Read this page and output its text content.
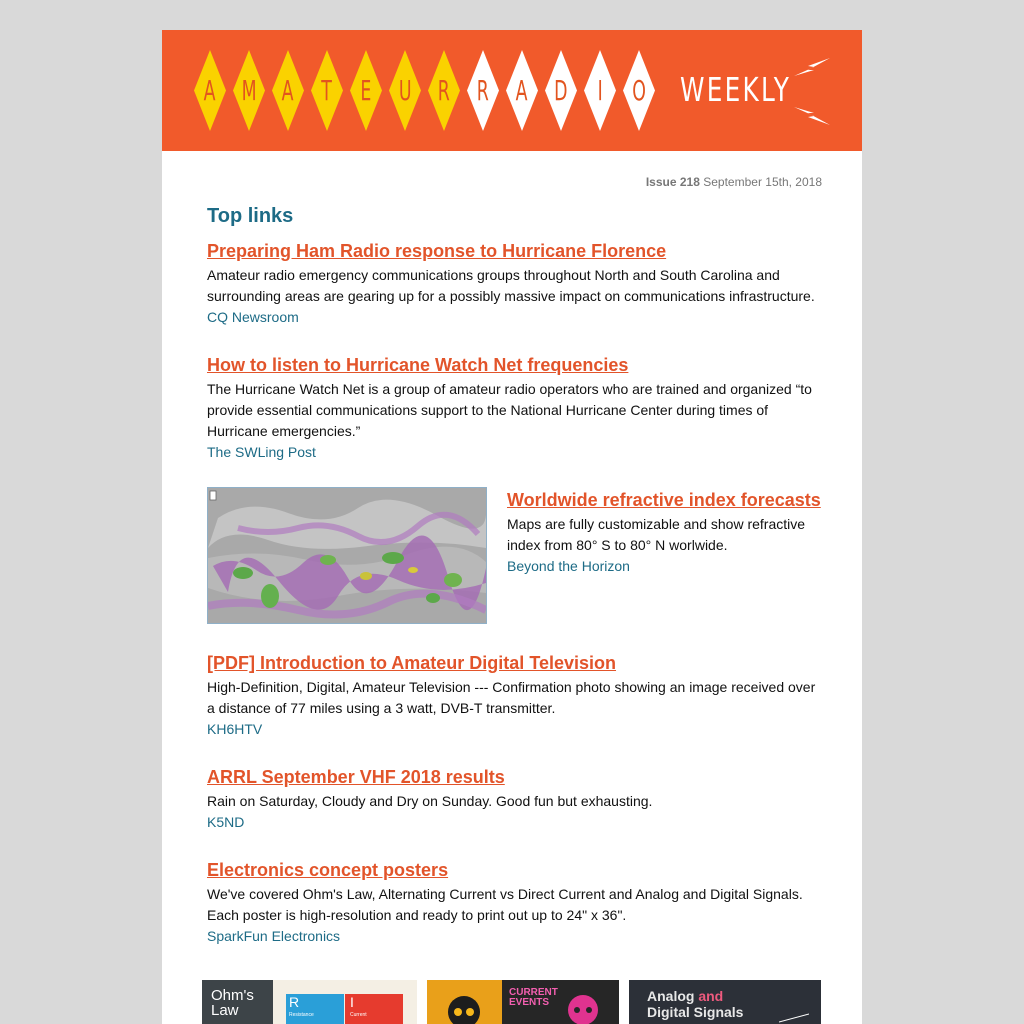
A M A T E U R R A D I O WEEKLY
Issue 218 September 15th, 2018
Top links
Preparing Ham Radio response to Hurricane Florence

Amateur radio emergency communications groups throughout North and South Carolina and surrounding areas are gearing up for a possibly massive impact on communications infrastructure.

CQ Newsroom
How to listen to Hurricane Watch Net frequencies

The Hurricane Watch Net is a group of amateur radio operators who are trained and organized “to provide essential communications support to the National Hurricane Center during times of Hurricane emergencies.”

The SWLing Post
Worldwide refractive index forecasts

Maps are fully customizable and show refractive index from 80° S to 80° N worlwide.

Beyond the Horizon
[PDF] Introduction to Amateur Digital Television

High-Definition, Digital, Amateur Television --- Confirmation photo showing an image received over a distance of 77 miles using a 3 watt, DVB-T transmitter.

KH6HTV
ARRL September VHF 2018 results

Rain on Saturday, Cloudy and Dry on Sunday. Good fun but exhausting.

K5ND
Electronics concept posters

We've covered Ohm's Law, Alternating Current vs Direct Current and Analog and Digital Signals. Each poster is high-resolution and ready to print out up to 24" x 36".

SparkFun Electronics
Ohm's Law	R
Resistance
I
Current
CURRENT EVENTS	Analog and
Digital Signals
